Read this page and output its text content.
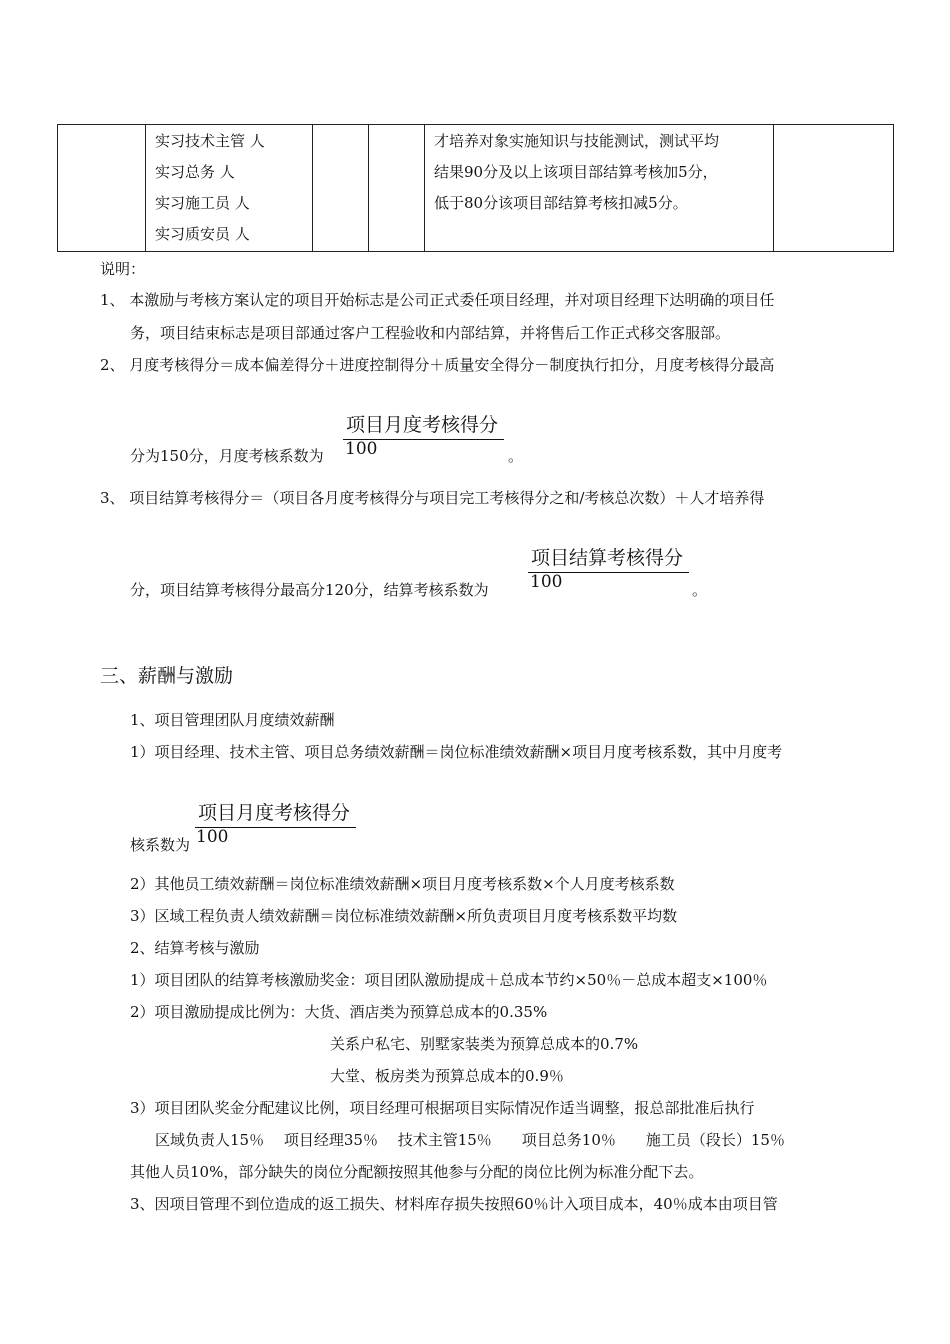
实习技术主管 人
实习总务 人
实习施工员 人
实习质安员 人

才培养对象实施知识与技能测试，测试平均
结果90分及以上该项目部结算考核加5分，
低于80分该项目部结算考核扣减5分。

说明：
1、 本激励与考核方案认定的项目开始标志是公司正式委任项目经理，并对项目经理下达明确的项目任
务，项目结束标志是项目部通过客户工程验收和内部结算，并将售后工作正式移交客服部。
2、 月度考核得分＝成本偏差得分＋进度控制得分＋质量安全得分－制度执行扣分，月度考核得分最高
项目月度考核得分
分为150分，月度考核系数为 100	。
3、 项目结算考核得分＝（项目各月度考核得分与项目完工考核得分之和/考核总次数）＋人才培养得
项目结算考核得分
分，项目结算考核得分最高分120分，结算考核系数为 100	。
三、薪酬与激励
1、项目管理团队月度绩效薪酬
1）项目经理、技术主管、项目总务绩效薪酬＝岗位标准绩效薪酬×项目月度考核系数，其中月度考
项目月度考核得分
核系数为 100
2）其他员工绩效薪酬＝岗位标准绩效薪酬×项目月度考核系数×个人月度考核系数
3）区域工程负责人绩效薪酬＝岗位标准绩效薪酬×所负责项目月度考核系数平均数
2、结算考核与激励
1）项目团队的结算考核激励奖金：项目团队激励提成＋总成本节约×50％－总成本超支×100％
2）项目激励提成比例为：大货、酒店类为预算总成本的0.35%
关系户私宅、别墅家装类为预算总成本的0.7%
大堂、板房类为预算总成本的0.9％
3）项目团队奖金分配建议比例，项目经理可根据项目实际情况作适当调整，报总部批准后执行
区域负责人15％　 项目经理35％　 技术主管15％　　项目总务10％　　施工员（段长）15％
其他人员10%，部分缺失的岗位分配额按照其他参与分配的岗位比例为标准分配下去。
3、因项目管理不到位造成的返工损失、材料库存损失按照60％计入项目成本，40％成本由项目管
